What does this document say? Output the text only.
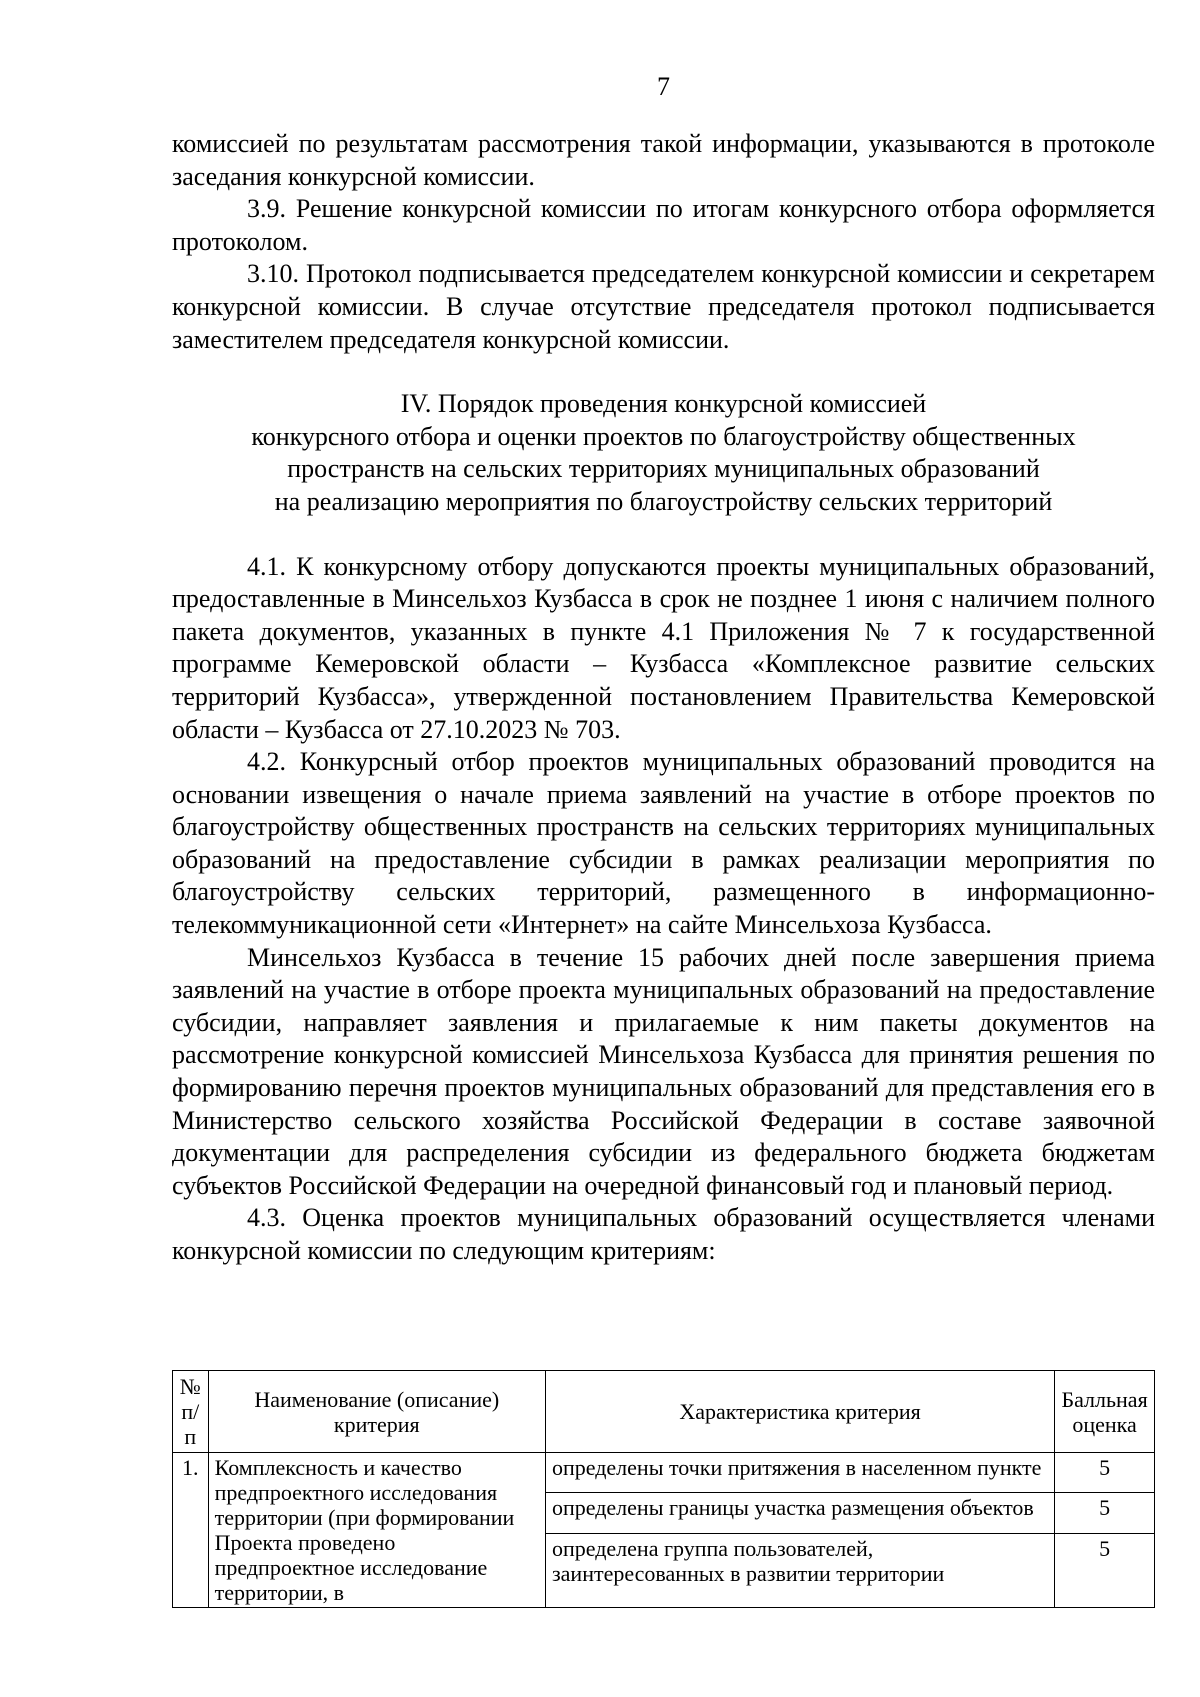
7

комиссией по результатам рассмотрения такой информации, указываются в протоколе заседания конкурсной комиссии.

3.9. Решение конкурсной комиссии по итогам конкурсного отбора оформляется протоколом.

3.10. Протокол подписывается председателем конкурсной комиссии и секретарем конкурсной комиссии. В случае отсутствие председателя протокол подписывается заместителем председателя конкурсной комиссии.

IV. Порядок проведения конкурсной комиссией
конкурсного отбора и оценки проектов по благоустройству общественных
пространств на сельских территориях муниципальных образований
на реализацию мероприятия по благоустройству сельских территорий

4.1. К конкурсному отбору допускаются проекты муниципальных образований, предоставленные в Минсельхоз Кузбасса в срок не позднее 1 июня с наличием полного пакета документов, указанных в пункте 4.1 Приложения № 7 к государственной программе Кемеровской области – Кузбасса «Комплексное развитие сельских территорий Кузбасса», утвержденной постановлением Правительства Кемеровской области – Кузбасса от 27.10.2023 № 703.

4.2. Конкурсный отбор проектов муниципальных образований проводится на основании извещения о начале приема заявлений на участие в отборе проектов по благоустройству общественных пространств на сельских территориях муниципальных образований на предоставление субсидии в рамках реализации мероприятия по благоустройству сельских территорий, размещенного в информационно-телекоммуникационной сети «Интернет» на сайте Минсельхоза Кузбасса.

Минсельхоз Кузбасса в течение 15 рабочих дней после завершения приема заявлений на участие в отборе проекта муниципальных образований на предоставление субсидии, направляет заявления и прилагаемые к ним пакеты документов на рассмотрение конкурсной комиссией Минсельхоза Кузбасса для принятия решения по формированию перечня проектов муниципальных образований для представления его в Министерство сельского хозяйства Российской Федерации в составе заявочной документации для распределения субсидии из федерального бюджета бюджетам субъектов Российской Федерации на очередной финансовый год и плановый период.

4.3. Оценка проектов муниципальных образований осуществляется членами конкурсной комиссии по следующим критериям:

№ п/п	Наименование (описание) критерия	Характеристика критерия	Балльная оценка
1.	Комплексность и качество предпроектного исследования территории (при формировании Проекта проведено предпроектное исследование территории, в	определены точки притяжения в населенном пункте	5
		определены границы участка размещения объектов	5
		определена группа пользователей, заинтересованных в развитии территории	5
